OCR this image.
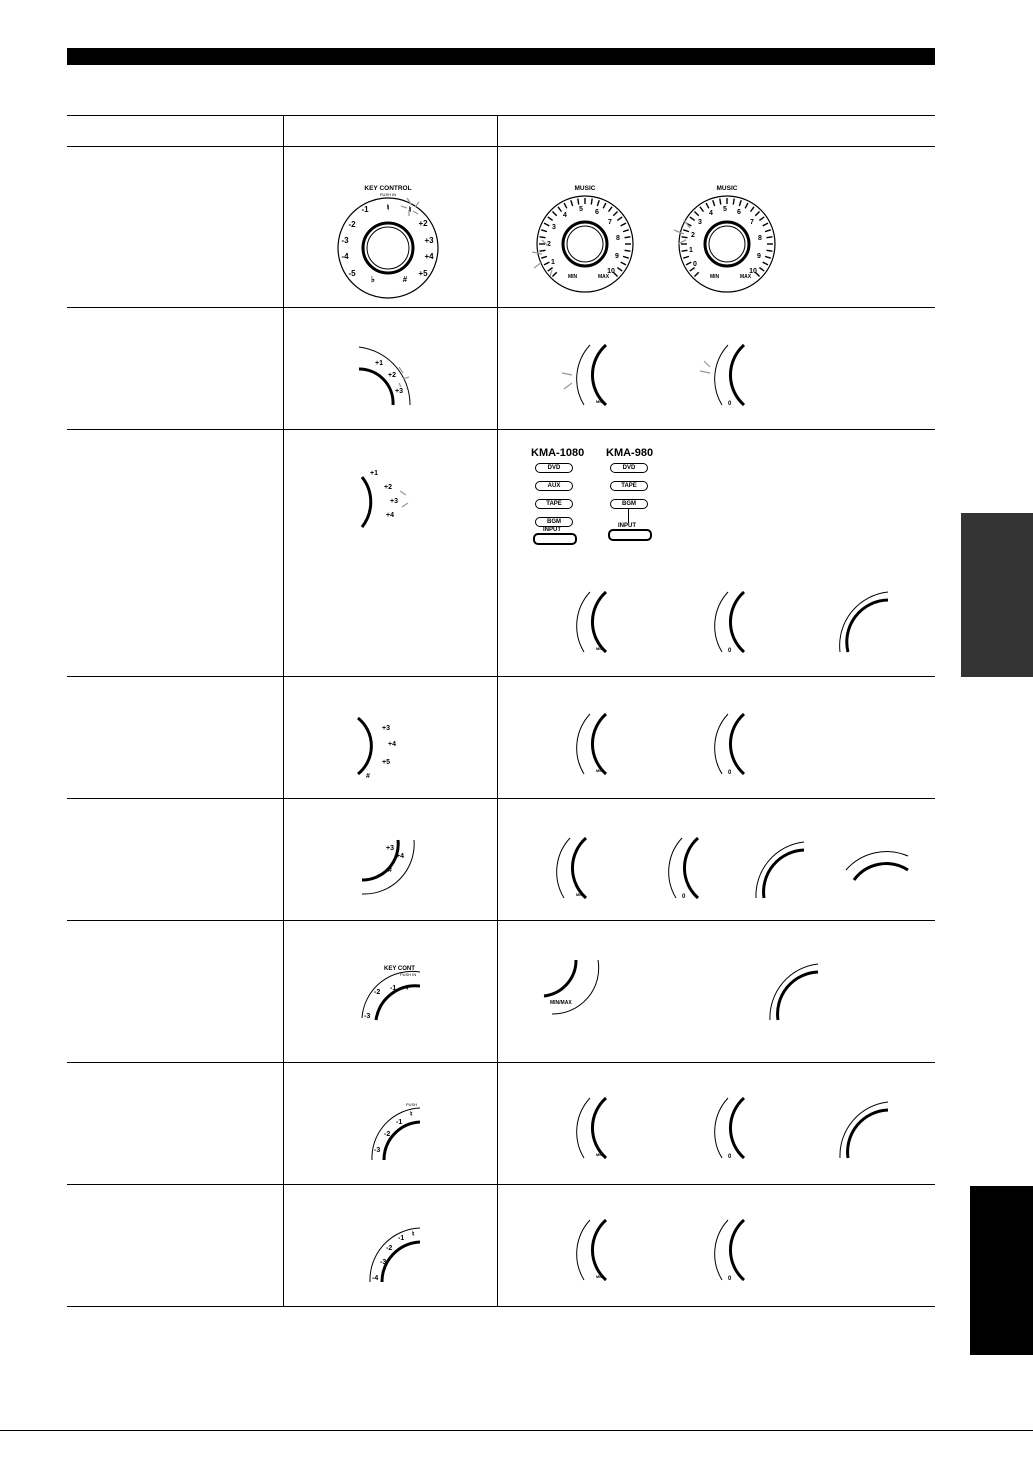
KEY CONTROL
PUSH IN
-1 ♮
-2	+2
-3	+3
-4	+4
-5	+5
♭	#
♮
MUSIC
1
2
3
4
5 6
7
8
9
10
MIN	MAX
MUSIC
0
1
2
3
4
5 6
7
8
9
10
MIN	MAX
+1
+2
+3
MIN	0
+1
+2
+3
+4
KMA-1080
DVD
AUX
TAPE
BGM
INPUT
KMA-980
DVD
TAPE
BGM
INPUT
MIN	0
+3
+4
+5
#
MIN	0
+3
+4
#
MIN	0
KEY CONT
PUSH IN
-2
-1 ♮
-3
MIN/MAX
PUSH
♮
-1
-2
-3
MIN	0
♮
-1
-2
-3
-4	MIN	0
